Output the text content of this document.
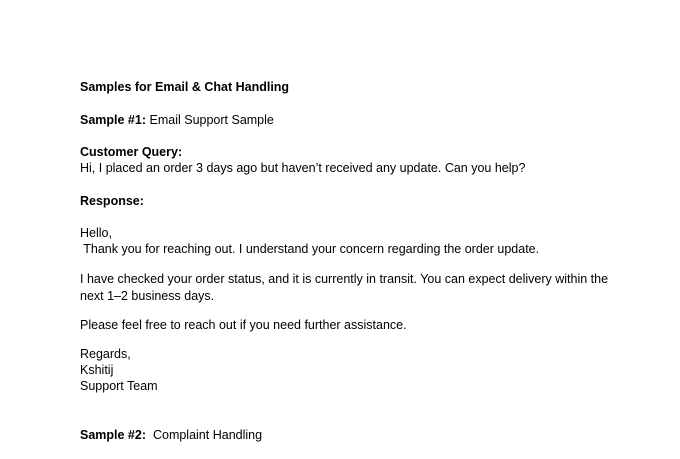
Samples for Email & Chat Handling
Sample #1: Email Support Sample
Customer Query:
Hi, I placed an order 3 days ago but haven’t received any update. Can you help?
Response:
Hello,
Thank you for reaching out. I understand your concern regarding the order update.
I have checked your order status, and it is currently in transit. You can expect delivery within the
next 1–2 business days.
Please feel free to reach out if you need further assistance.
Regards,
Kshitij
Support Team
Sample #2:  Complaint Handling
